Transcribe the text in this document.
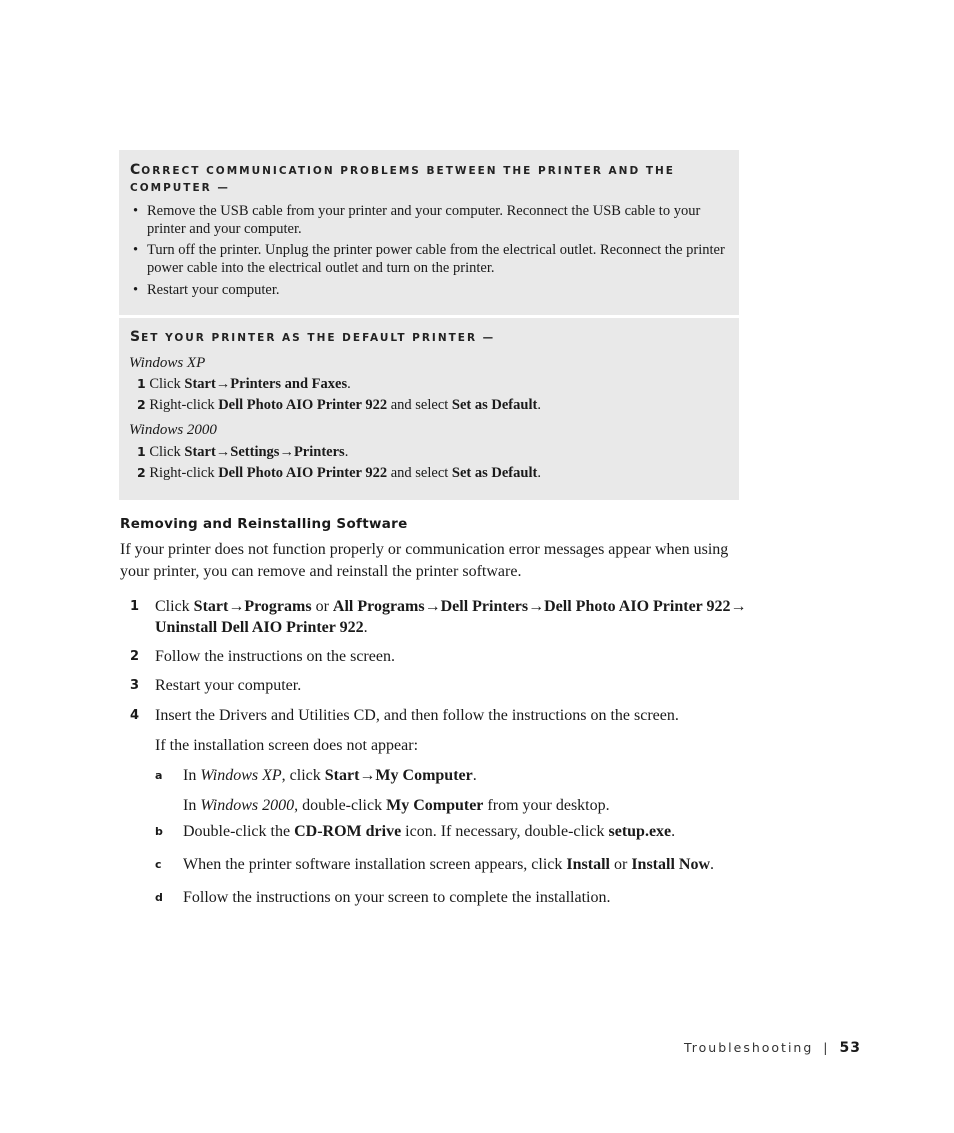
CORRECT COMMUNICATION PROBLEMS BETWEEN THE PRINTER AND THE
COMPUTER —
• Remove the USB cable from your printer and your computer. Reconnect the USB cable to your printer and your computer.
• Turn off the printer. Unplug the printer power cable from the electrical outlet. Reconnect the printer power cable into the electrical outlet and turn on the printer.
• Restart your computer.
SET YOUR PRINTER AS THE DEFAULT PRINTER —
Windows XP
1 Click Start→Printers and Faxes.
2 Right-click Dell Photo AIO Printer 922 and select Set as Default.
Windows 2000
1 Click Start→Settings→Printers.
2 Right-click Dell Photo AIO Printer 922 and select Set as Default.
Removing and Reinstalling Software
If your printer does not function properly or communication error messages appear when using your printer, you can remove and reinstall the printer software.
1 Click Start→Programs or All Programs→Dell Printers→Dell Photo AIO Printer 922→
Uninstall Dell AIO Printer 922.
2 Follow the instructions on the screen.
3 Restart your computer.
4 Insert the Drivers and Utilities CD, and then follow the instructions on the screen.
If the installation screen does not appear:
a In Windows XP, click Start→My Computer.
In Windows 2000, double-click My Computer from your desktop.
b Double-click the CD-ROM drive icon. If necessary, double-click setup.exe.
c When the printer software installation screen appears, click Install or Install Now.
d Follow the instructions on your screen to complete the installation.
Troubleshooting | 53
